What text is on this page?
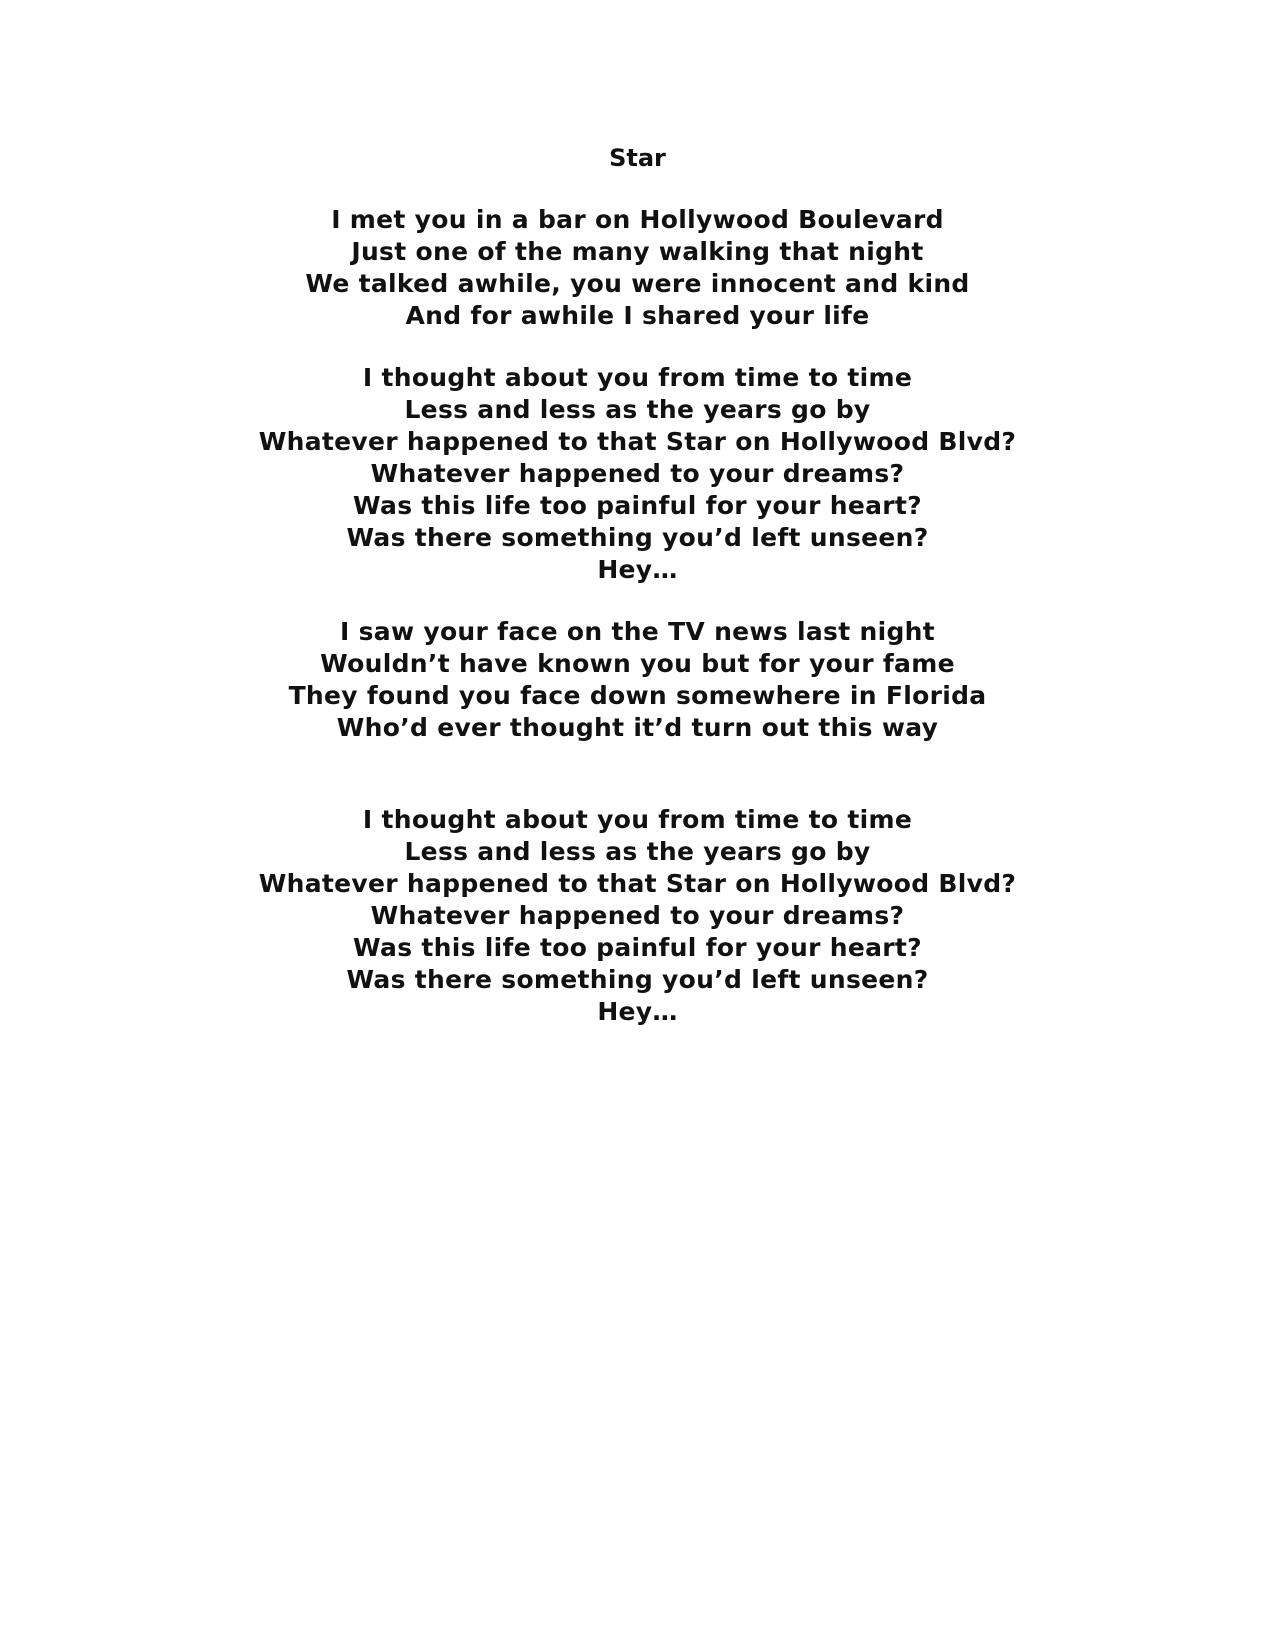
Star
I met you in a bar on Hollywood Boulevard
Just one of the many walking that night
We talked awhile, you were innocent and kind
And for awhile I shared your life
I thought about you from time to time
Less and less as the years go by
Whatever happened to that Star on Hollywood Blvd?
Whatever happened to your dreams?
Was this life too painful for your heart?
Was there something you’d left unseen?
Hey…
I saw your face on the TV news last night
Wouldn’t have known you but for your fame
They found you face down somewhere in Florida
Who’d ever thought it’d turn out this way
I thought about you from time to time
Less and less as the years go by
Whatever happened to that Star on Hollywood Blvd?
Whatever happened to your dreams?
Was this life too painful for your heart?
Was there something you’d left unseen?
Hey…
